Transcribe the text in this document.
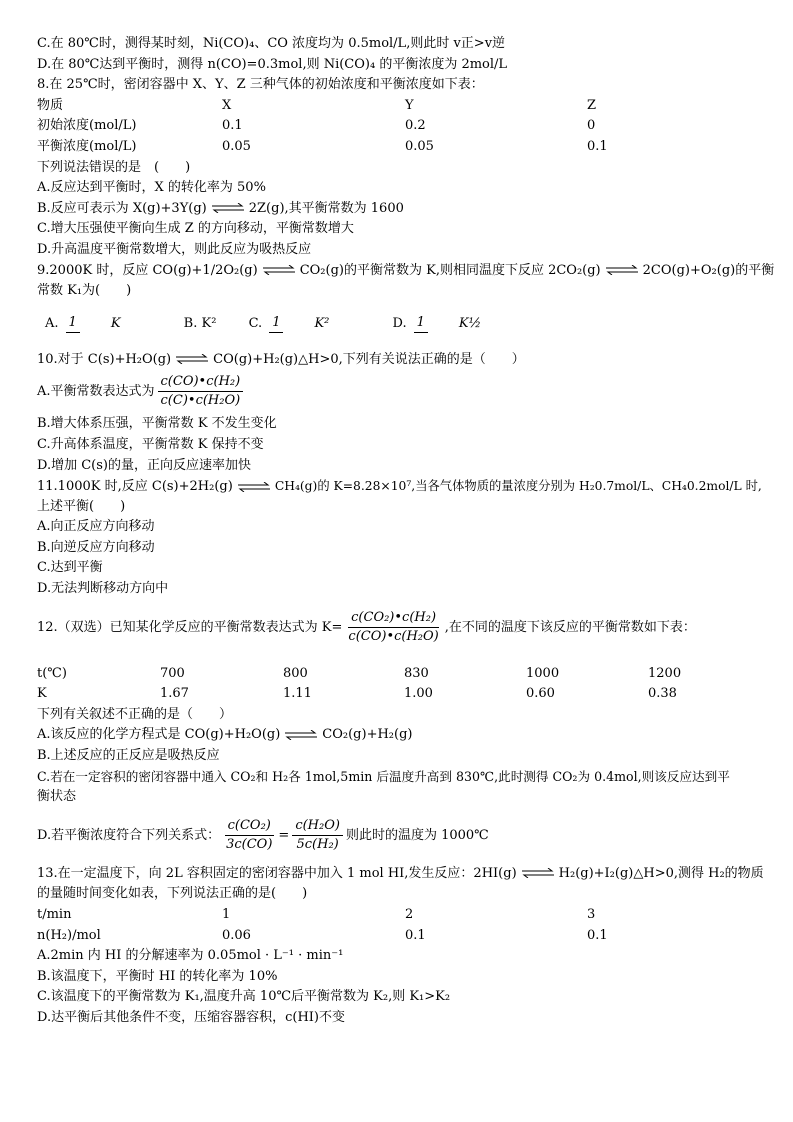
C.在 80℃时，测得某时刻，Ni(CO)₄、CO 浓度均为 0.5mol/L,则此时 v正>v逆
D.在 80℃达到平衡时，测得 n(CO)=0.3mol,则 Ni(CO)₄ 的平衡浓度为 2mol/L
8.在 25℃时，密闭容器中 X、Y、Z 三种气体的初始浓度和平衡浓度如下表：
物质	X	Y	Z
初始浓度(mol/L)	0.1	0.2	0
平衡浓度(mol/L)	0.05	0.05	0.1
下列说法错误的是　(　　)
A.反应达到平衡时，X 的转化率为 50%
B.反应可表示为 X(g)+3Y(g) ⇌ 2Z(g),其平衡常数为 1600
C.增大压强使平衡向生成 Z 的方向移动，平衡常数增大
D.升高温度平衡常数增大，则此反应为吸热反应
9.2000K 时，反应 CO(g)+1/2O₂(g) ⇌ CO₂(g)的平衡常数为 K,则相同温度下反应 2CO₂(g) ⇌ 2CO(g)+O₂(g)的平衡
常数 K₁为(　　)
A. 1	K	B. K² C. 1	K²	D. 1	K½
10.对于 C(s)+H₂O(g) ⇌ CO(g)+H₂(g)△H>0,下列有关说法正确的是（　　）
A.平衡常数表达式为 $\frac{\text{c(CO)•c(H₂)}}{\text{c(C)•c(H₂O)}}$
B.增大体系压强，平衡常数 K 不发生变化
C.升高体系温度，平衡常数 K 保持不变
D.增加 C(s)的量，正向反应速率加快
11.1000K 时,反应 C(s)+2H₂(g) ⇌ CH₄(g)的 K=8.28×10⁷,当各气体物质的量浓度分别为 H₂0.7mol/L、CH₄0.2mol/L 时,
上述平衡(　　)
A.向正反应方向移动
B.向逆反应方向移动
C.达到平衡
D.无法判断移动方向中
12.（双选）已知某化学反应的平衡常数表达式为 $K= \frac{\text{c(CO₂)•c(H₂)}}{\text{c(CO)•c(H₂O)}}$ ,在不同的温度下该反应的平衡常数如下表：
t(℃)	700	800	830	1000	1200
K	1.67	1.11	1.00	0.60	0.38
下列有关叙述不正确的是（　　）
A.该反应的化学方程式是 CO(g)+H₂O(g) ⇌ CO₂(g)+H₂(g)
B.上述反应的正反应是吸热反应
C.若在一定容积的密闭容器中通入 CO₂和 H₂各 1mol,5min 后温度升高到 830℃,此时测得 CO₂为 0.4mol,则该反应达到平
衡状态
D.若平衡浓度符合下列关系式： $\frac{\text{c(CO₂)}}{3c(CO)} = \frac{\text{c(H₂O)}}{\text{5c(H₂)}}$ 则此时的温度为 1000℃
13.在一定温度下，向 2L 容积固定的密闭容器中加入 1 mol HI,发生反应：2HI(g) ⇌ H₂(g)+I₂(g)△H>0,测得 H₂的物质
的量随时间变化如表，下列说法正确的是(　　)
t/min	1	2	3
n(H₂)/mol	0.06	0.1	0.1
A.2min 内 HI 的分解速率为 0.05mol · L⁻¹ · min⁻¹
B.该温度下，平衡时 HI 的转化率为 10%
C.该温度下的平衡常数为 K₁,温度升高 10℃后平衡常数为 K₂,则 K₁>K₂
D.达平衡后其他条件不变，压缩容器容积，c(HI)不变
